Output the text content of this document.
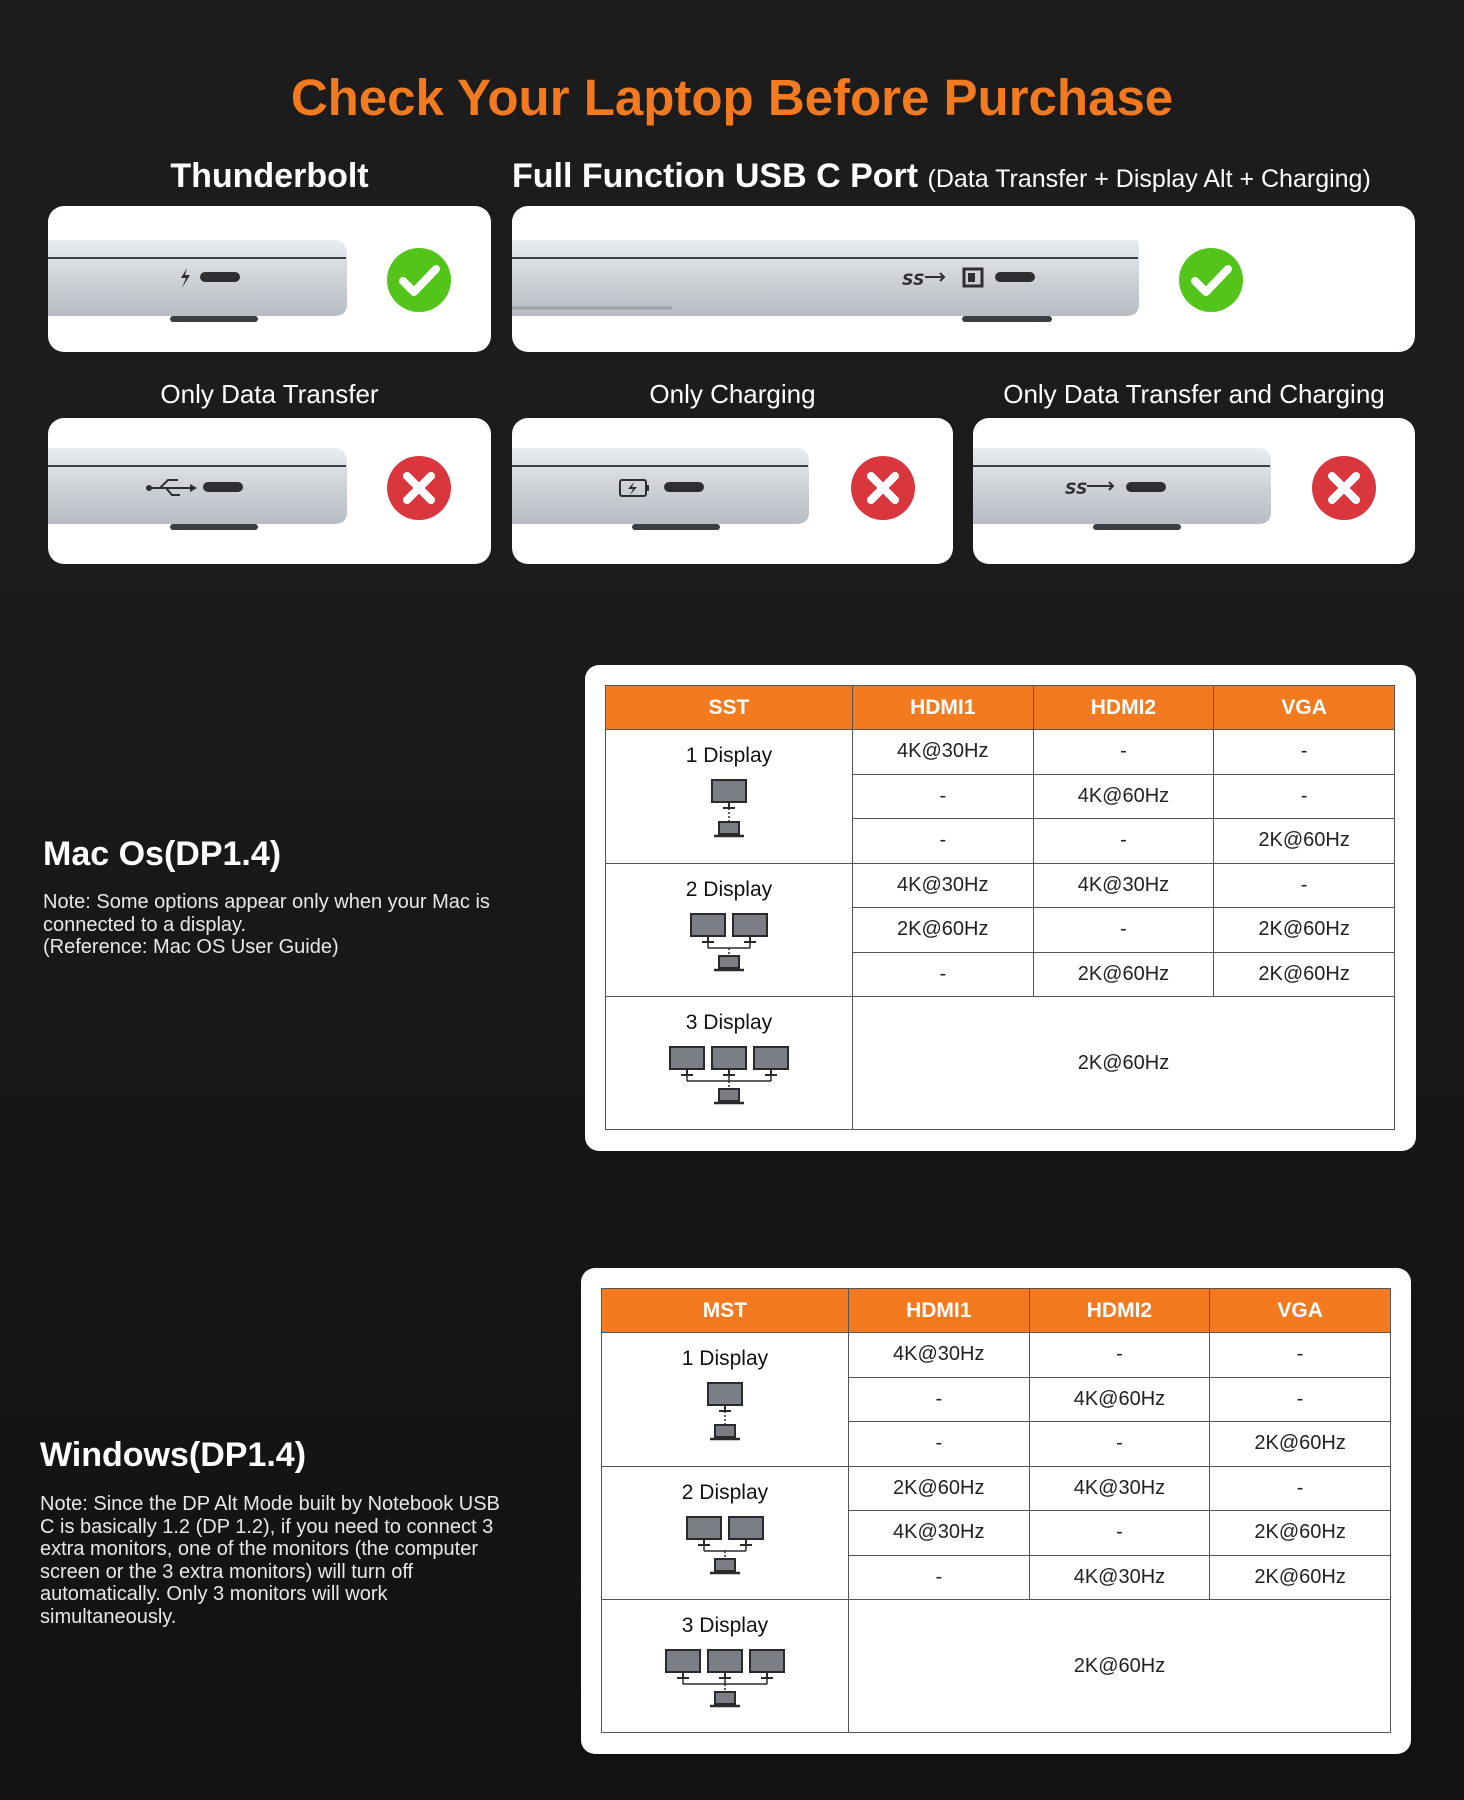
Check Your Laptop Before Purchase
Thunderbolt	Full Function USB C Port (Data Transfer + Display Alt + Charging)
Only Data Transfer	Only Charging	Only Data Transfer and Charging
SS
SS
Mac Os(DP1.4)
Note: Some options appear only when your Mac is
connected to a display.
(Reference: Mac OS User Guide)
SST	HDMI1	HDMI2	VGA

1 Display	4K@30Hz	-	-
	-	4K@60Hz	-
	-	-	2K@60Hz

2 Display	4K@30Hz	4K@30Hz	-
	2K@60Hz	-	2K@60Hz
	-	2K@60Hz	2K@60Hz

3 Display	2K@60Hz		
Windows(DP1.4)
Note: Since the DP Alt Mode built by Notebook USB
C is basically 1.2 (DP 1.2), if you need to connect 3
extra monitors, one of the monitors (the computer
screen or the 3 extra monitors) will turn off
automatically. Only 3 monitors will work
simultaneously.
MST	HDMI1	HDMI2	VGA

1 Display	4K@30Hz	-	-
	-	4K@60Hz	-
	-	-	2K@60Hz

2 Display	2K@60Hz	4K@30Hz	-
	4K@30Hz	-	2K@60Hz
	-	4K@30Hz	2K@60Hz

3 Display	2K@60Hz		
